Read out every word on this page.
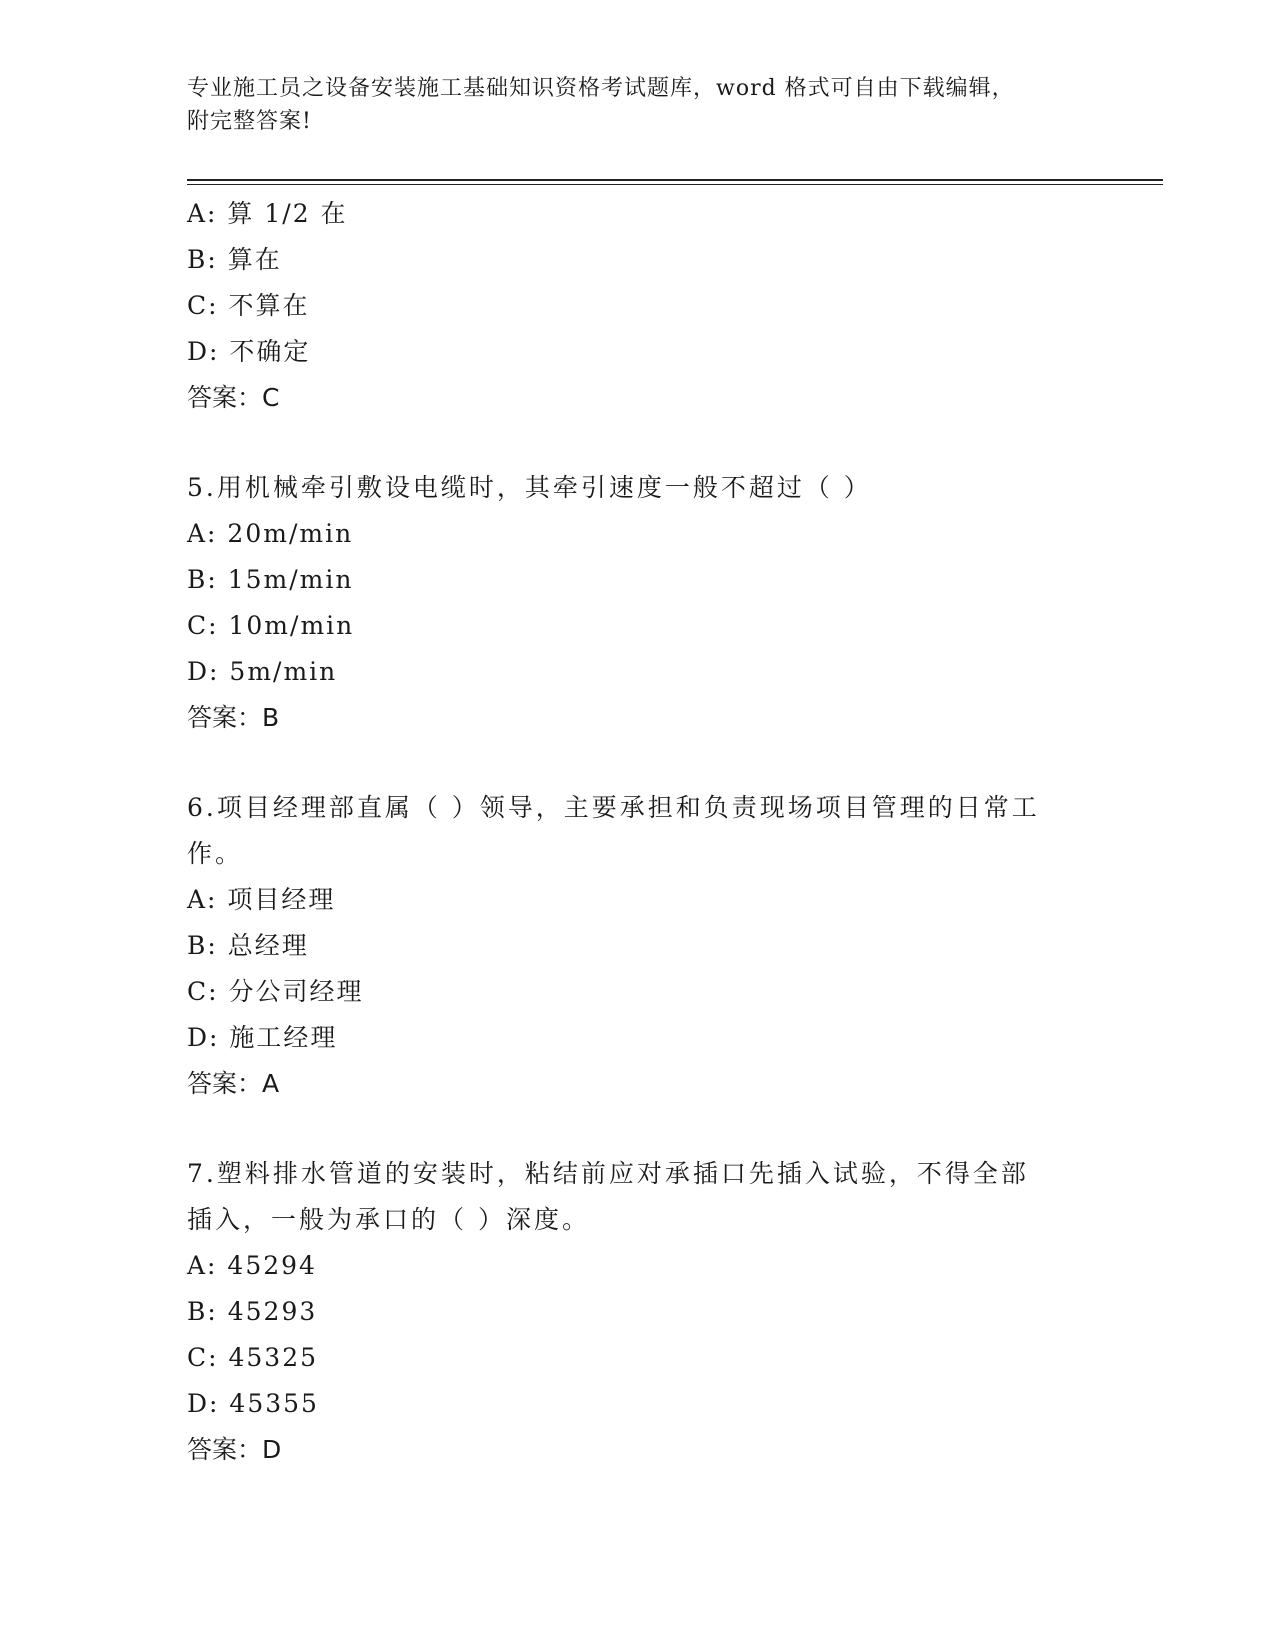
专业施工员之设备安装施工基础知识资格考试题库，word 格式可自由下载编辑，
附完整答案!
A: 算 1/2 在
B: 算在
C: 不算在
D: 不确定
答案：C
5.用机械牵引敷设电缆时，其牵引速度一般不超过（ ）
A: 20m/min
B: 15m/min
C: 10m/min
D: 5m/min
答案：B
6.项目经理部直属（ ）领导，主要承担和负责现场项目管理的日常工
作。
A: 项目经理
B: 总经理
C: 分公司经理
D: 施工经理
答案：A
7.塑料排水管道的安装时，粘结前应对承插口先插入试验，不得全部
插入，一般为承口的（ ）深度。
A: 45294
B: 45293
C: 45325
D: 45355
答案：D
